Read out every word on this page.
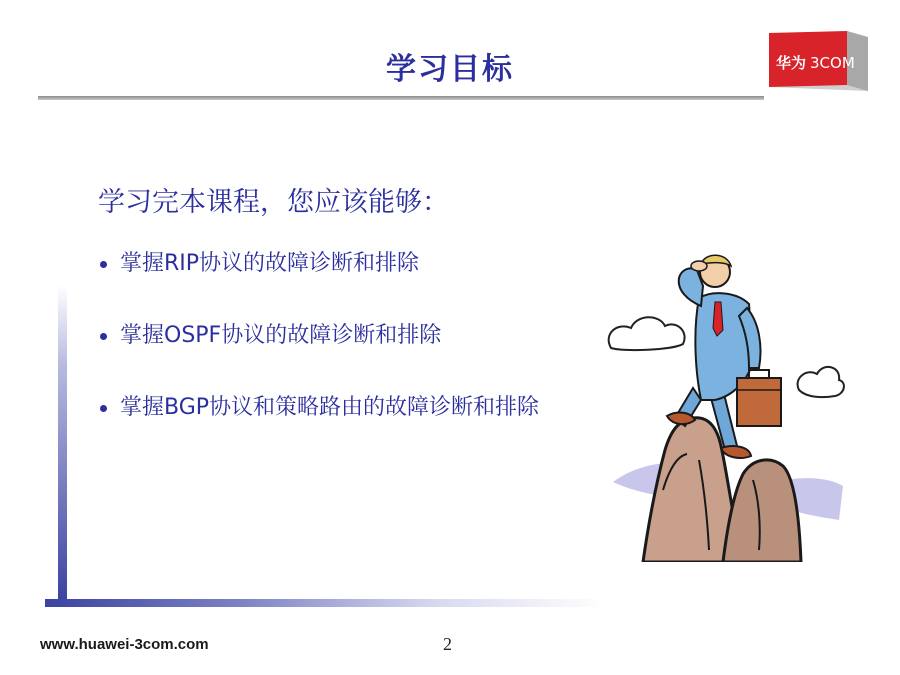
学习目标	华为 3COM
学习完本课程，您应该能够：
掌握RIP协议的故障诊断和排除
掌握OSPF协议的故障诊断和排除
掌握BGP协议和策略路由的故障诊断和排除
www.huawei-3com.com	2
